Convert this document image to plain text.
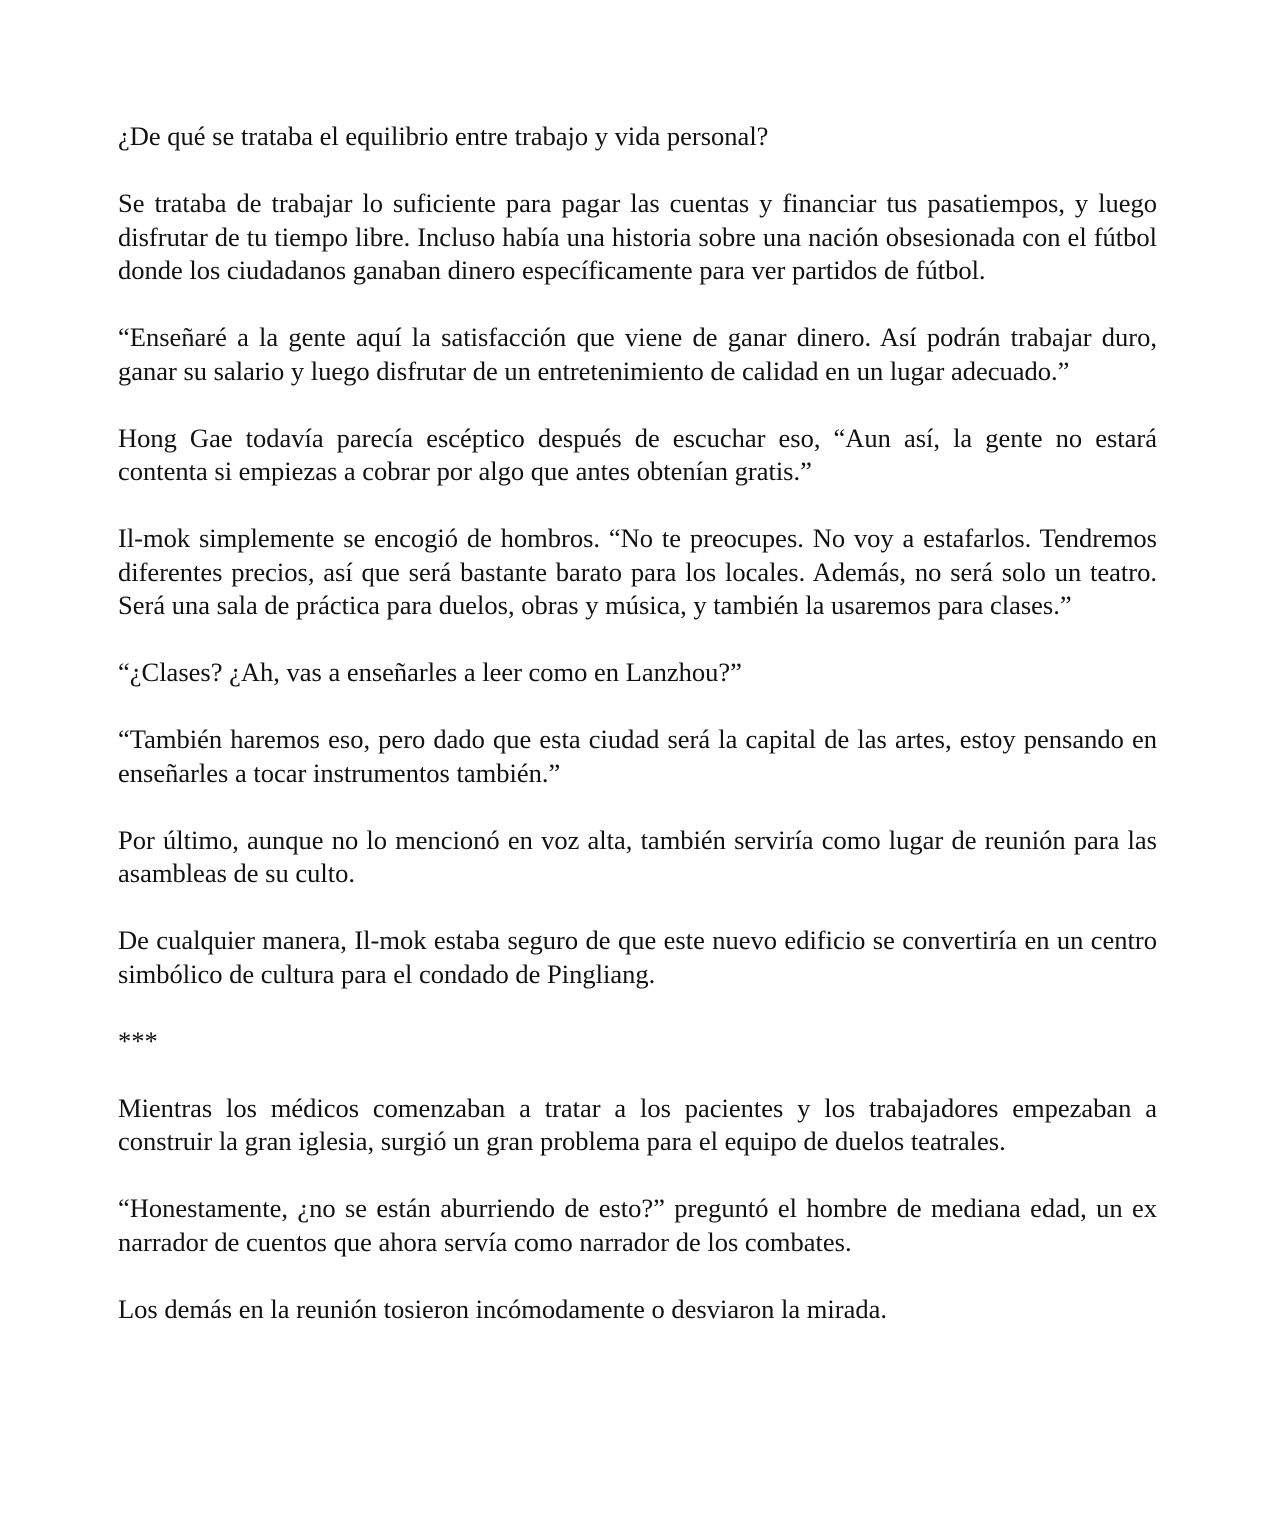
¿De qué se trataba el equilibrio entre trabajo y vida personal?

Se trataba de trabajar lo suficiente para pagar las cuentas y financiar tus pasatiempos, y luego disfrutar de tu tiempo libre. Incluso había una historia sobre una nación obsesionada con el fútbol donde los ciudadanos ganaban dinero específicamente para ver partidos de fútbol.

“Enseñaré a la gente aquí la satisfacción que viene de ganar dinero. Así podrán trabajar duro, ganar su salario y luego disfrutar de un entretenimiento de calidad en un lugar adecuado.”

Hong Gae todavía parecía escéptico después de escuchar eso, “Aun así, la gente no estará contenta si empiezas a cobrar por algo que antes obtenían gratis.”

Il-mok simplemente se encogió de hombros. “No te preocupes. No voy a estafarlos. Tendremos diferentes precios, así que será bastante barato para los locales. Además, no será solo un teatro. Será una sala de práctica para duelos, obras y música, y también la usaremos para clases.”

“¿Clases? ¿Ah, vas a enseñarles a leer como en Lanzhou?”

“También haremos eso, pero dado que esta ciudad será la capital de las artes, estoy pensando en enseñarles a tocar instrumentos también.”

Por último, aunque no lo mencionó en voz alta, también serviría como lugar de reunión para las asambleas de su culto.

De cualquier manera, Il-mok estaba seguro de que este nuevo edificio se convertiría en un centro simbólico de cultura para el condado de Pingliang.

***

Mientras los médicos comenzaban a tratar a los pacientes y los trabajadores empezaban a construir la gran iglesia, surgió un gran problema para el equipo de duelos teatrales.

“Honestamente, ¿no se están aburriendo de esto?” preguntó el hombre de mediana edad, un ex narrador de cuentos que ahora servía como narrador de los combates.

Los demás en la reunión tosieron incómodamente o desviaron la mirada.
